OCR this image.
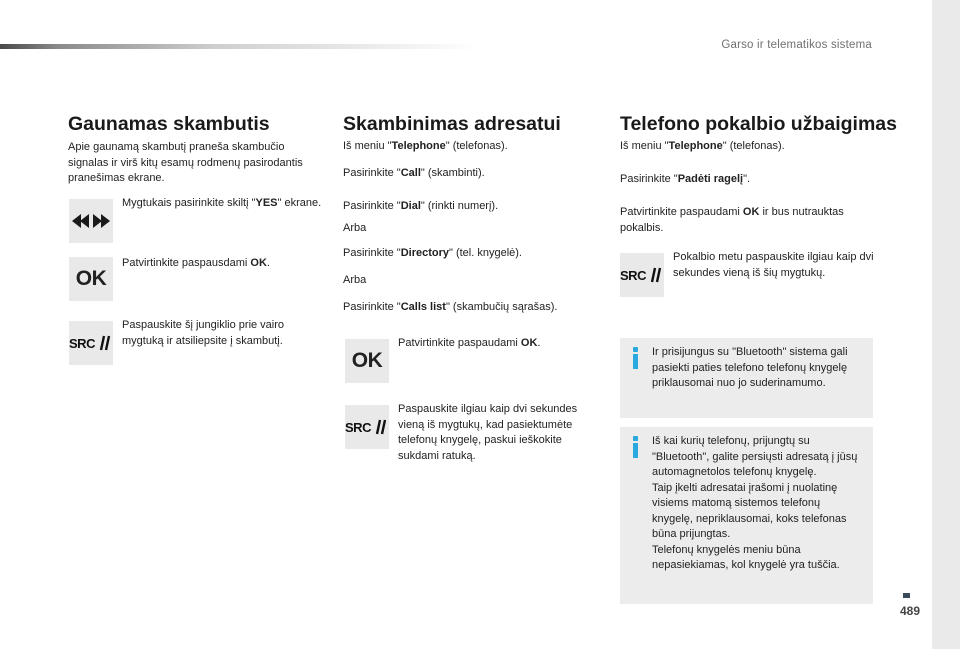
Garso ir telematikos sistema
489
Gaunamas skambutis

Apie gaunamą skambutį praneša skambučio signalas ir virš kitų esamų rodmenų pasirodantis pranešimas ekrane.

Mygtukais pasirinkite skiltį "YES" ekrane.

OK

Patvirtinkite paspausdami OK.

SRC

Paspauskite šį jungiklio prie vairo mygtuką ir atsiliepsite į skambutį.

Skambinimas adresatui

Iš meniu "Telephone" (telefonas).

Pasirinkite "Call" (skambinti).

Pasirinkite "Dial" (rinkti numerį).

Arba

Pasirinkite "Directory" (tel. knygelė).

Arba

Pasirinkite "Calls list" (skambučių sąrašas).

OK

Patvirtinkite paspaudami OK.

SRC

Paspauskite ilgiau kaip dvi sekundes vieną iš mygtukų, kad pasiektumėte telefonų knygelę, paskui ieškokite sukdami ratuką.

Telefono pokalbio užbaigimas

Iš meniu "Telephone" (telefonas).

Pasirinkite "Padėti ragelį".

Patvirtinkite paspaudami OK ir bus nutrauktas pokalbis.

SRC

Pokalbio metu paspauskite ilgiau kaip dvi sekundes vieną iš šių mygtukų.

Ir prisijungus su "Bluetooth" sistema gali pasiekti paties telefono telefonų knygelę priklausomai nuo jo suderinamumo.

Iš kai kurių telefonų, prijungtų su "Bluetooth", galite persiųsti adresatą į jūsų automagnetolos telefonų knygelę.
Taip įkelti adresatai įrašomi į nuolatinę visiems matomą sistemos telefonų knygelę, nepriklausomai, koks telefonas būna prijungtas.
Telefonų knygelės meniu būna nepasiekiamas, kol knygelė yra tuščia.
